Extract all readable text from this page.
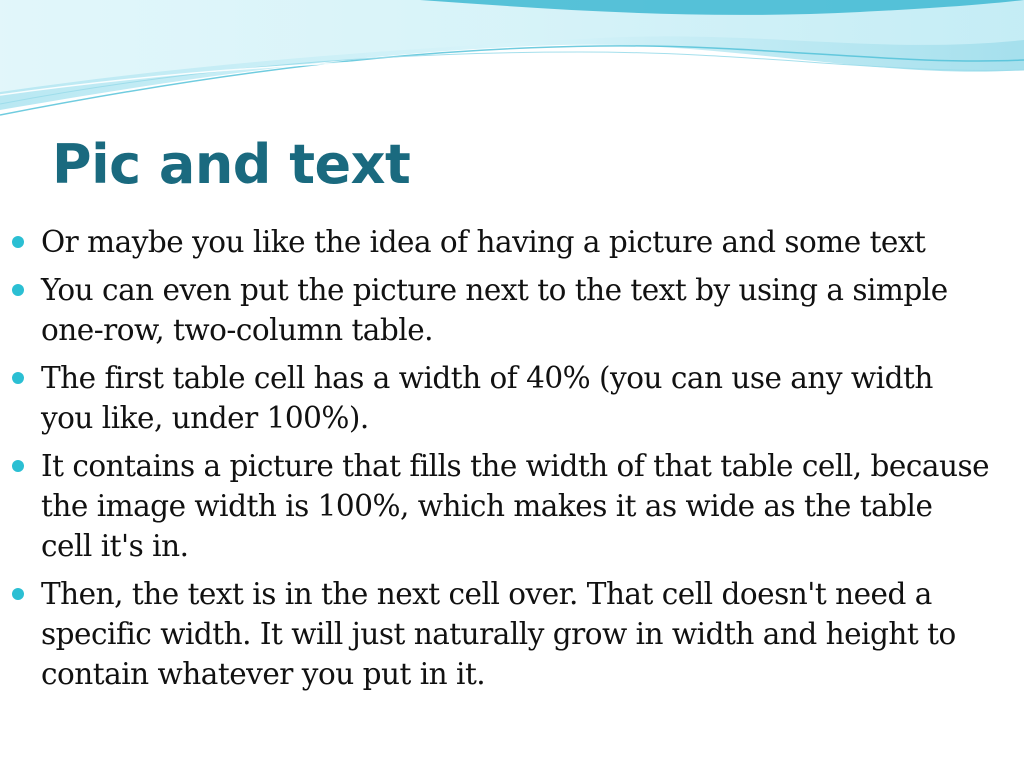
Pic and text
Or maybe you like the idea of having a picture and some text
You can even put the picture next to the text by using a simple one-row, two-column table.
The first table cell has a width of 40% (you can use any width you like, under 100%).
It contains a picture that fills the width of that table cell, because the image width is 100%, which makes it as wide as the table cell it's in.
Then, the text is in the next cell over. That cell doesn't need a specific width. It will just naturally grow in width and height to contain whatever you put in it.
